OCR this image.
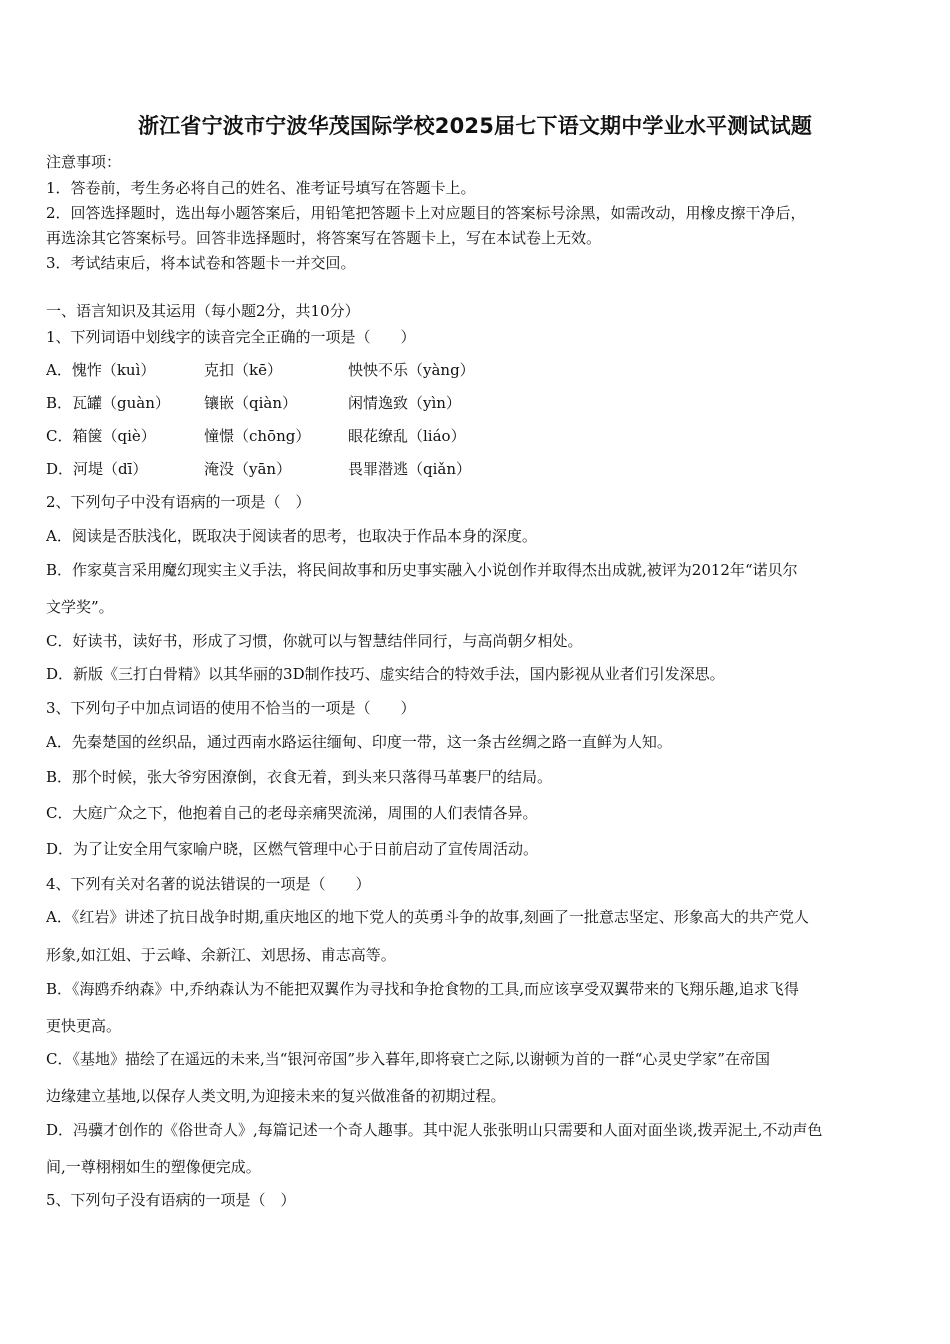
浙江省宁波市宁波华茂国际学校2025届七下语文期中学业水平测试试题
注意事项：
1．答卷前，考生务必将自己的姓名、准考证号填写在答题卡上。
2．回答选择题时，选出每小题答案后，用铅笔把答题卡上对应题目的答案标号涂黑，如需改动，用橡皮擦干净后，
再选涂其它答案标号。回答非选择题时，将答案写在答题卡上，写在本试卷上无效。
3．考试结束后，将本试卷和答题卡一并交回。
一、语言知识及其运用（每小题2分，共10分）
1、下列词语中划线字的读音完全正确的一项是（　　）
A．愧怍（kuì）	克扣（kē）	怏怏不乐（yàng）
B．瓦罐（guàn） 镶嵌（qiàn）	闲情逸致（yìn）
C．箱箧（qiè）	憧憬（chōng）	眼花缭乱（liáo）
D．河堤（dī）	淹没（yān）	畏罪潜逃（qiǎn）
2、下列句子中没有语病的一项是（　）
A．阅读是否肤浅化，既取决于阅读者的思考，也取决于作品本身的深度。
B．作家莫言采用魔幻现实主义手法，将民间故事和历史事实融入小说创作并取得杰出成就,被评为2012年“诺贝尔
文学奖”。
C．好读书，读好书，形成了习惯，你就可以与智慧结伴同行，与高尚朝夕相处。
D．新版《三打白骨精》以其华丽的3D制作技巧、虚实结合的特效手法，国内影视从业者们引发深思。
3、下列句子中加点词语的使用不恰当的一项是（　　）
A．先秦楚国的丝织品，通过西南水路运往缅甸、印度一带，这一条古丝绸之路一直鲜为人知。
B．那个时候，张大爷穷困潦倒，衣食无着，到头来只落得马革裹尸的结局。
C．大庭广众之下，他抱着自己的老母亲痛哭流涕，周围的人们表情各异。
D．为了让安全用气家喻户晓，区燃气管理中心于日前启动了宣传周活动。
4、下列有关对名著的说法错误的一项是（　　）
A．《红岩》讲述了抗日战争时期,重庆地区的地下党人的英勇斗争的故事,刻画了一批意志坚定、形象高大的共产党人
形象,如江姐、于云峰、余新江、刘思扬、甫志高等。
B．《海鸥乔纳森》中,乔纳森认为不能把双翼作为寻找和争抢食物的工具,而应该享受双翼带来的飞翔乐趣,追求飞得
更快更高。
C．《基地》描绘了在遥远的未来,当“银河帝国”步入暮年,即将衰亡之际,以谢顿为首的一群“心灵史学家”在帝国
边缘建立基地,以保存人类文明,为迎接未来的复兴做准备的初期过程。
D．冯骥才创作的《俗世奇人》,每篇记述一个奇人趣事。其中泥人张张明山只需要和人面对面坐谈,拨弄泥土,不动声色
间,一尊栩栩如生的塑像便完成。
5、下列句子没有语病的一项是（　）
